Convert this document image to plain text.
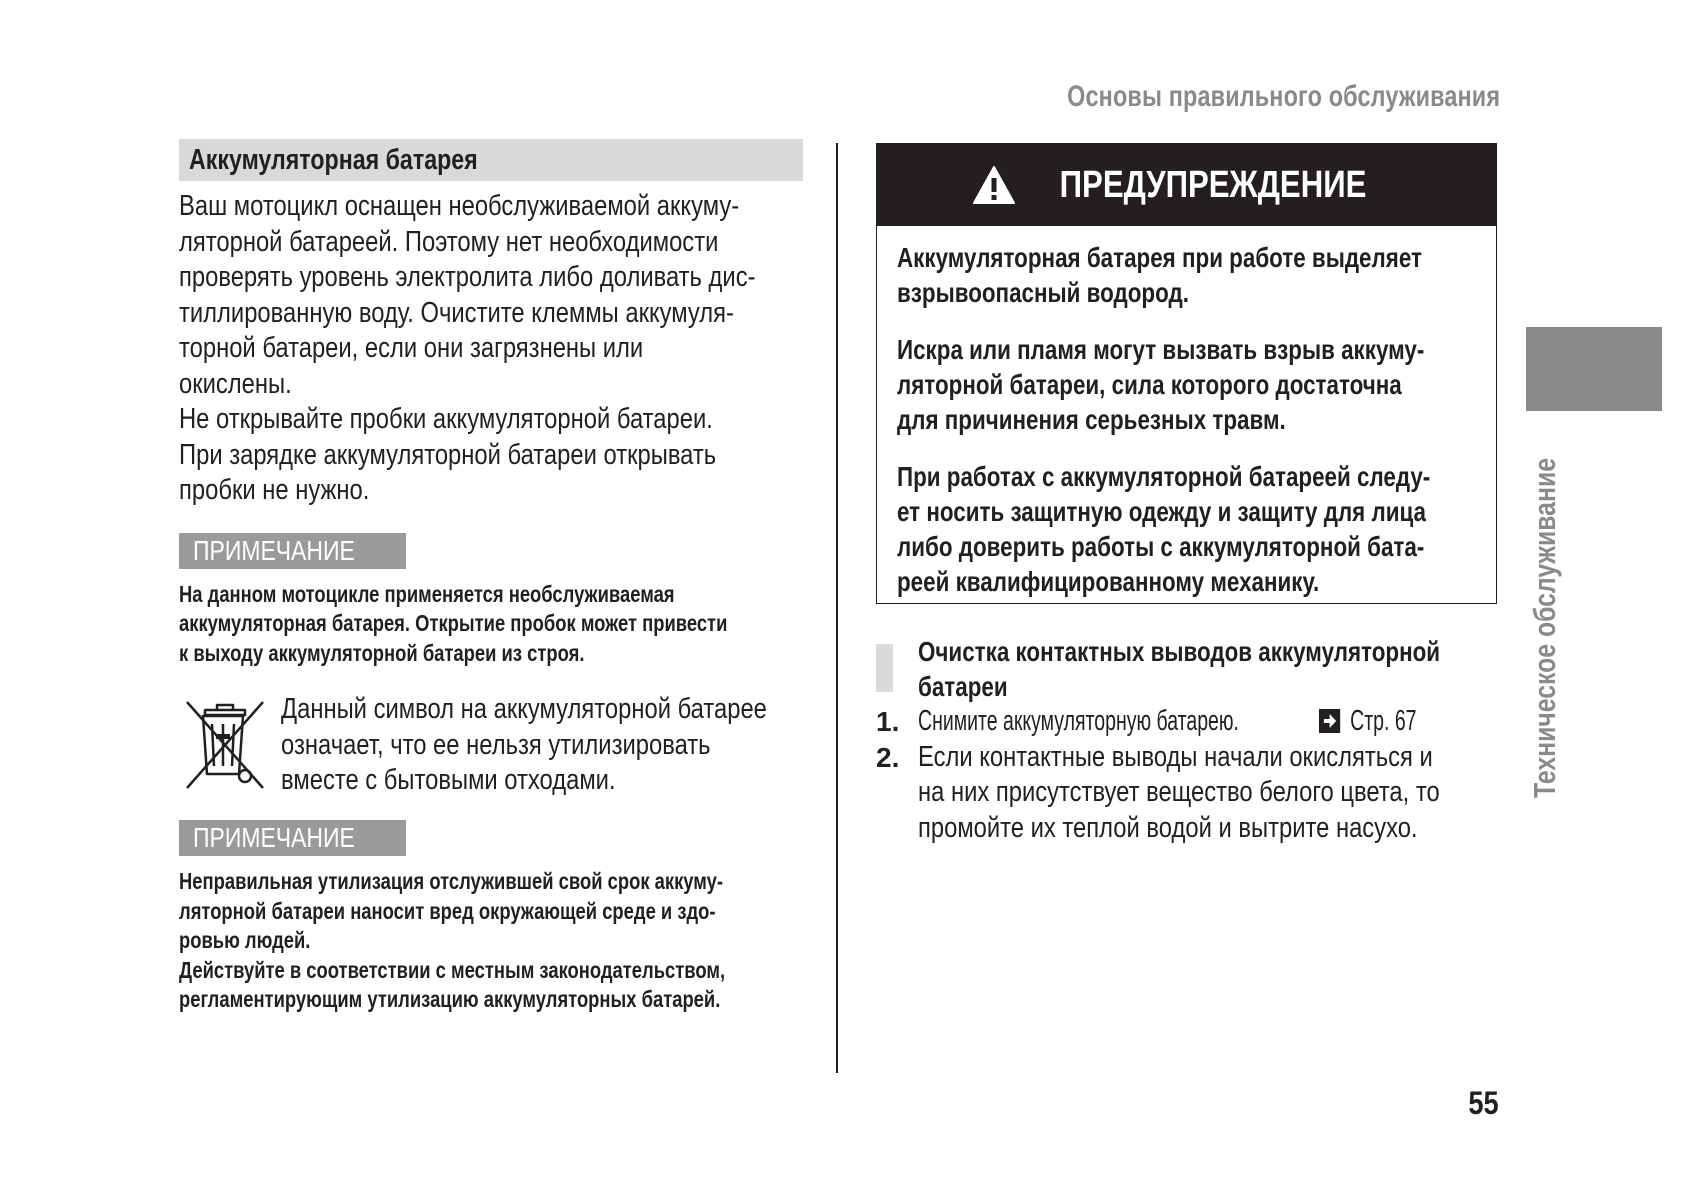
Основы правильного обслуживания
Аккумуляторная батарея
Ваш мотоцикл оснащен необслуживаемой аккуму-
ляторной батареей. Поэтому нет необходимости
проверять уровень электролита либо доливать дис-
тиллированную воду. Очистите клеммы аккумуля-
торной батареи, если они загрязнены или
окислены.
Не открывайте пробки аккумуляторной батареи.
При зарядке аккумуляторной батареи открывать
пробки не нужно.
ПРИМЕЧАНИЕ
На данном мотоцикле применяется необслуживаемая
аккумуляторная батарея. Открытие пробок может привести
к выходу аккумуляторной батареи из строя.
Данный символ на аккумуляторной батарее
означает, что ее нельзя утилизировать
вместе с бытовыми отходами.
ПРИМЕЧАНИЕ
Неправильная утилизация отслужившей свой срок аккуму-
ляторной батареи наносит вред окружающей среде и здо-
ровью людей.
Действуйте в соответствии с местным законодательством,
регламентирующим утилизацию аккумуляторных батарей.
ПРЕДУПРЕЖДЕНИЕ
Аккумуляторная батарея при работе выделяет
взрывоопасный водород.
Искра или пламя могут вызвать взрыв аккуму-
ляторной батареи, сила которого достаточна
для причинения серьезных травм.
При работах с аккумуляторной батареей следу-
ет носить защитную одежду и защиту для лица
либо доверить работы с аккумуляторной бата-
реей квалифицированному механику.
Очистка контактных выводов аккумуляторной
батареи
1. Снимите аккумуляторную батарею.	Стр. 67
2. Если контактные выводы начали окисляться и
на них присутствует вещество белого цвета, то
промойте их теплой водой и вытрите насухо.
Техническое обслуживание
55
